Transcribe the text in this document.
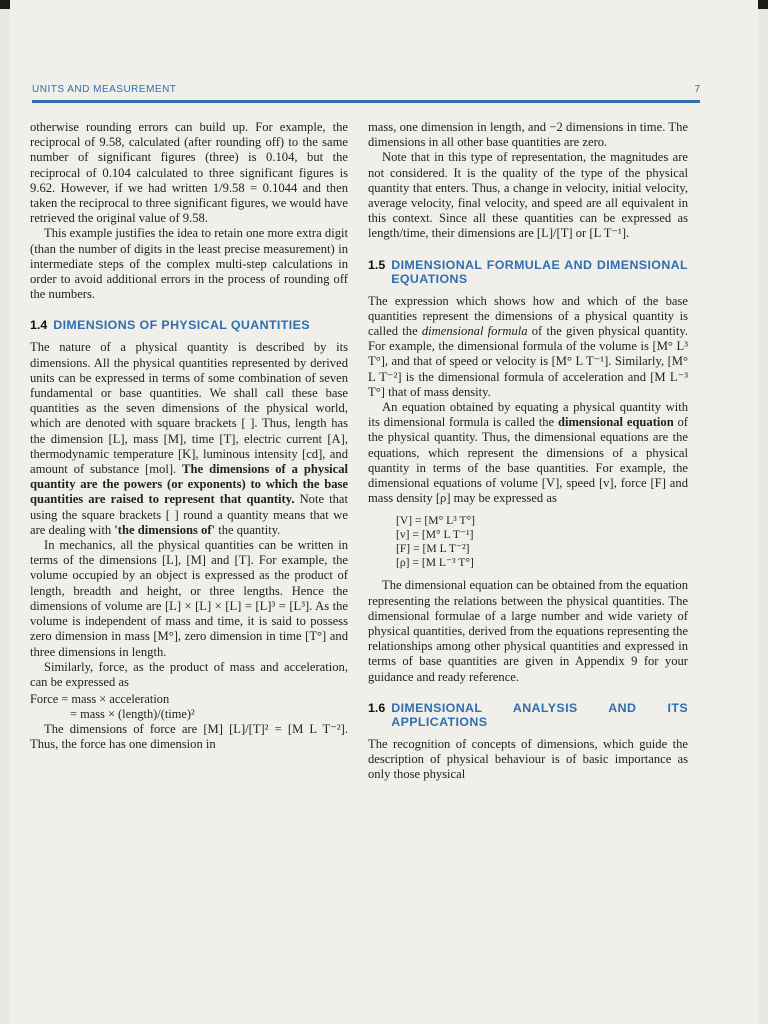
UNITS AND MEASUREMENT	7

otherwise rounding errors can build up. For example, the reciprocal of 9.58, calculated (after rounding off) to the same number of significant figures (three) is 0.104, but the reciprocal of 0.104 calculated to three significant figures is 9.62. However, if we had written 1/9.58 = 0.1044 and then taken the reciprocal to three significant figures, we would have retrieved the original value of 9.58.

This example justifies the idea to retain one more extra digit (than the number of digits in the least precise measurement) in intermediate steps of the complex multi-step calculations in order to avoid additional errors in the process of rounding off the numbers.

1.4 DIMENSIONS OF PHYSICAL QUANTITIES

The nature of a physical quantity is described by its dimensions. All the physical quantities represented by derived units can be expressed in terms of some combination of seven fundamental or base quantities. We shall call these base quantities as the seven dimensions of the physical world, which are denoted with square brackets [ ]. Thus, length has the dimension [L], mass [M], time [T], electric current [A], thermodynamic temperature [K], luminous intensity [cd], and amount of substance [mol]. The dimensions of a physical quantity are the powers (or exponents) to which the base quantities are raised to represent that quantity. Note that using the square brackets [ ] round a quantity means that we are dealing with 'the dimensions of' the quantity.

In mechanics, all the physical quantities can be written in terms of the dimensions [L], [M] and [T]. For example, the volume occupied by an object is expressed as the product of length, breadth and height, or three lengths. Hence the dimensions of volume are [L] × [L] × [L] = [L]³ = [L³]. As the volume is independent of mass and time, it is said to possess zero dimension in mass [M°], zero dimension in time [T°] and three dimensions in length.

Similarly, force, as the product of mass and acceleration, can be expressed as

Force = mass × acceleration
= mass × (length)/(time)²

The dimensions of force are [M] [L]/[T]² = [M L T⁻²]. Thus, the force has one dimension in

mass, one dimension in length, and −2 dimensions in time. The dimensions in all other base quantities are zero.

Note that in this type of representation, the magnitudes are not considered. It is the quality of the type of the physical quantity that enters. Thus, a change in velocity, initial velocity, average velocity, final velocity, and speed are all equivalent in this context. Since all these quantities can be expressed as length/time, their dimensions are [L]/[T] or [L T⁻¹].

1.5 DIMENSIONAL FORMULAE AND DIMENSIONAL EQUATIONS

The expression which shows how and which of the base quantities represent the dimensions of a physical quantity is called the dimensional formula of the given physical quantity. For example, the dimensional formula of the volume is [M° L³ T°], and that of speed or velocity is [M° L T⁻¹]. Similarly, [M° L T⁻²] is the dimensional formula of acceleration and [M L⁻³ T°] that of mass density.

An equation obtained by equating a physical quantity with its dimensional formula is called the dimensional equation of the physical quantity. Thus, the dimensional equations are the equations, which represent the dimensions of a physical quantity in terms of the base quantities. For example, the dimensional equations of volume [V], speed [v], force [F] and mass density [ρ] may be expressed as

[V] = [M° L³ T°]
[v] = [M° L T⁻¹]
[F] = [M L T⁻²]
[ρ] = [M L⁻³ T°]

The dimensional equation can be obtained from the equation representing the relations between the physical quantities. The dimensional formulae of a large number and wide variety of physical quantities, derived from the equations representing the relationships among other physical quantities and expressed in terms of base quantities are given in Appendix 9 for your guidance and ready reference.

1.6 DIMENSIONAL ANALYSIS AND ITS APPLICATIONS

The recognition of concepts of dimensions, which guide the description of physical behaviour is of basic importance as only those physical
